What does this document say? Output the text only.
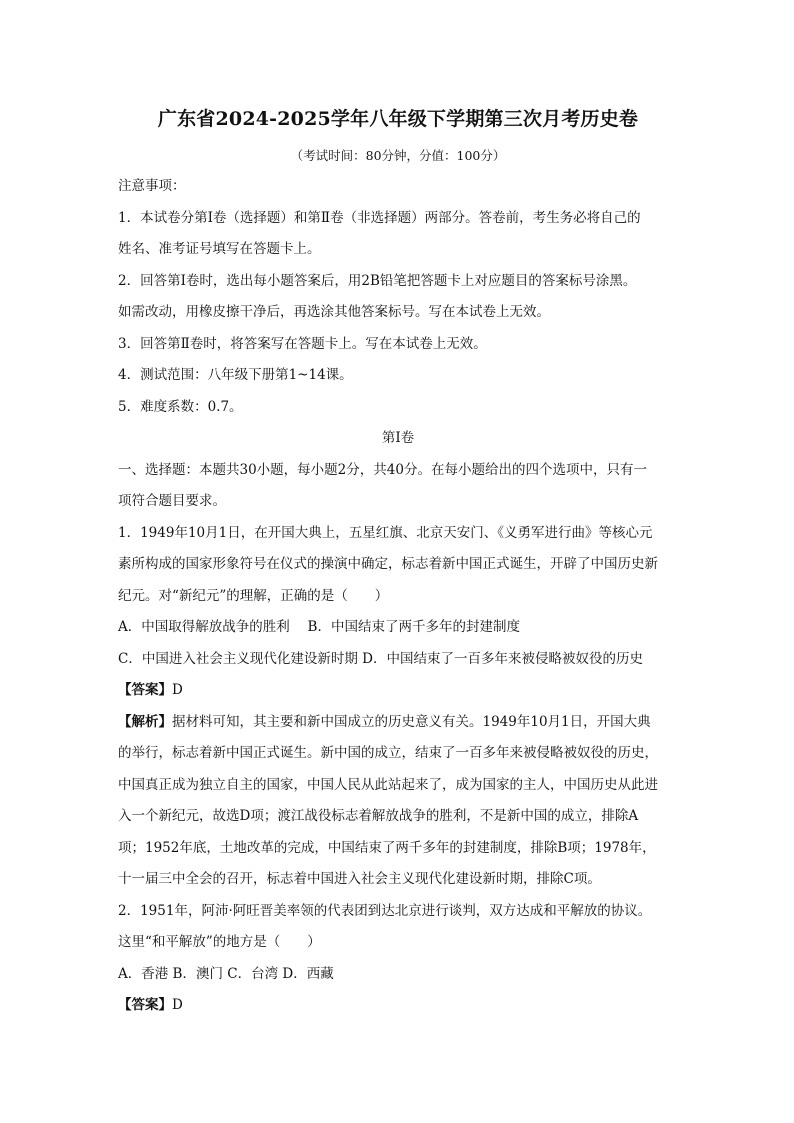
广东省2024-2025学年八年级下学期第三次月考历史卷
（考试时间：80分钟，分值：100分）
注意事项：
1．本试卷分第Ⅰ卷（选择题）和第Ⅱ卷（非选择题）两部分。答卷前，考生务必将自己的
姓名、准考证号填写在答题卡上。
2．回答第Ⅰ卷时，选出每小题答案后，用2B铅笔把答题卡上对应题目的答案标号涂黑。
如需改动，用橡皮擦干净后，再选涂其他答案标号。写在本试卷上无效。
3．回答第Ⅱ卷时，将答案写在答题卡上。写在本试卷上无效。
4．测试范围：八年级下册第1~14课。
5．难度系数：0.7。
第Ⅰ卷
一、选择题：本题共30小题，每小题2分，共40分。在每小题给出的四个选项中，只有一
项符合题目要求。
1．1949年10月1日，在开国大典上，五星红旗、北京天安门、《义勇军进行曲》等核心元
素所构成的国家形象符号在仪式的操演中确定，标志着新中国正式诞生，开辟了中国历史新
纪元。对“新纪元”的理解，正确的是（　　）
A．中国取得解放战争的胜利　 B．中国结束了两千多年的封建制度
C．中国进入社会主义现代化建设新时期 D．中国结束了一百多年来被侵略被奴役的历史
【答案】D
【解析】据材料可知，其主要和新中国成立的历史意义有关。1949年10月1日，开国大典
的举行，标志着新中国正式诞生。新中国的成立，结束了一百多年来被侵略被奴役的历史，
中国真正成为独立自主的国家，中国人民从此站起来了，成为国家的主人，中国历史从此进
入一个新纪元，故选D项；渡江战役标志着解放战争的胜利，不是新中国的成立，排除A
项；1952年底，土地改革的完成，中国结束了两千多年的封建制度，排除B项；1978年，
十一届三中全会的召开，标志着中国进入社会主义现代化建设新时期，排除C项。
2．1951年，阿沛·阿旺晋美率领的代表团到达北京进行谈判，双方达成和平解放的协议。
这里“和平解放”的地方是（　　）
A．香港 B．澳门 C．台湾 D．西藏
【答案】D
